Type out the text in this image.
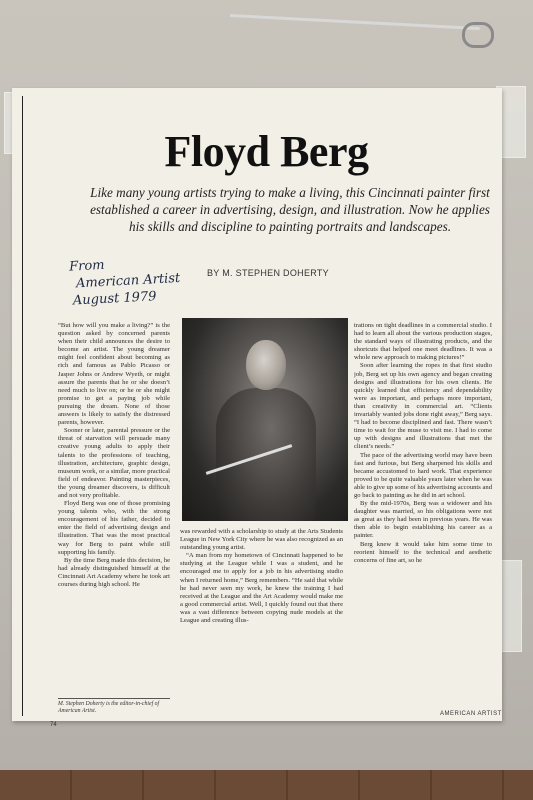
Floyd Berg
Like many young artists trying to make a living, this Cincinnati painter first established a career in advertising, design, and illustration. Now he applies his skills and discipline to painting portraits and landscapes.
From
American Artist
August 1979
BY M. STEPHEN DOHERTY

“But how will you make a living?” is the question asked by concerned parents when their child announces the desire to become an artist. The young dreamer might feel confident about becoming as rich and famous as Pablo Picasso or Jasper Johns or Andrew Wyeth, or might assure the parents that he or she doesn’t need much to live on; or he or she might promise to get a paying job while pursuing the dream. None of those answers is likely to satisfy the distressed parents, however.

Sooner or later, parental pressure or the threat of starvation will persuade many creative young adults to apply their talents to the professions of teaching, illustration, architecture, graphic design, museum work, or a similar, more practical field of endeavor. Painting masterpieces, the young dreamer discovers, is difficult and not very profitable.

Floyd Berg was one of those promising young talents who, with the strong encouragement of his father, decided to enter the field of advertising design and illustration. That was the most practical way for Berg to paint while still supporting his family.

By the time Berg made this decision, he had already distinguished himself at the Cincinnati Art Academy where he took art courses during high school. He

was rewarded with a scholarship to study at the Arts Students League in New York City where he was also recognized as an outstanding young artist.

“A man from my hometown of Cincinnati happened to be studying at the League while I was a student, and he encouraged me to apply for a job in his advertising studio when I returned home,” Berg remembers. “He said that while he had never seen my work, he knew the training I had received at the League and the Art Academy would make me a good commercial artist. Well, I quickly found out that there was a vast difference between copying nude models at the League and creating illus-

trations on tight deadlines in a commercial studio. I had to learn all about the various production stages, the standard ways of illustrating products, and the shortcuts that helped one meet deadlines. It was a whole new approach to making pictures!”

Soon after learning the ropes in that first studio job, Berg set up his own agency and began creating designs and illustrations for his own clients. He quickly learned that efficiency and dependability were as important, and perhaps more important, than creativity in commercial art. “Clients invariably wanted jobs done right away,” Berg says. “I had to become disciplined and fast. There wasn’t time to wait for the muse to visit me. I had to come up with designs and illustrations that met the client’s needs.”

The pace of the advertising world may have been fast and furious, but Berg sharpened his skills and became accustomed to hard work. That experience proved to be quite valuable years later when he was able to give up some of his advertising accounts and go back to painting as he did in art school.

By the mid-1970s, Berg was a widower and his daughter was married, so his obligations were not as great as they had been in previous years. He was then able to begin establishing his career as a painter.

Berg knew it would take him some time to reorient himself to the technical and aesthetic concerns of fine art, so he

M. Stephen Doherty is the editor-in-chief of American Artist.
74
AMERICAN ARTIST
